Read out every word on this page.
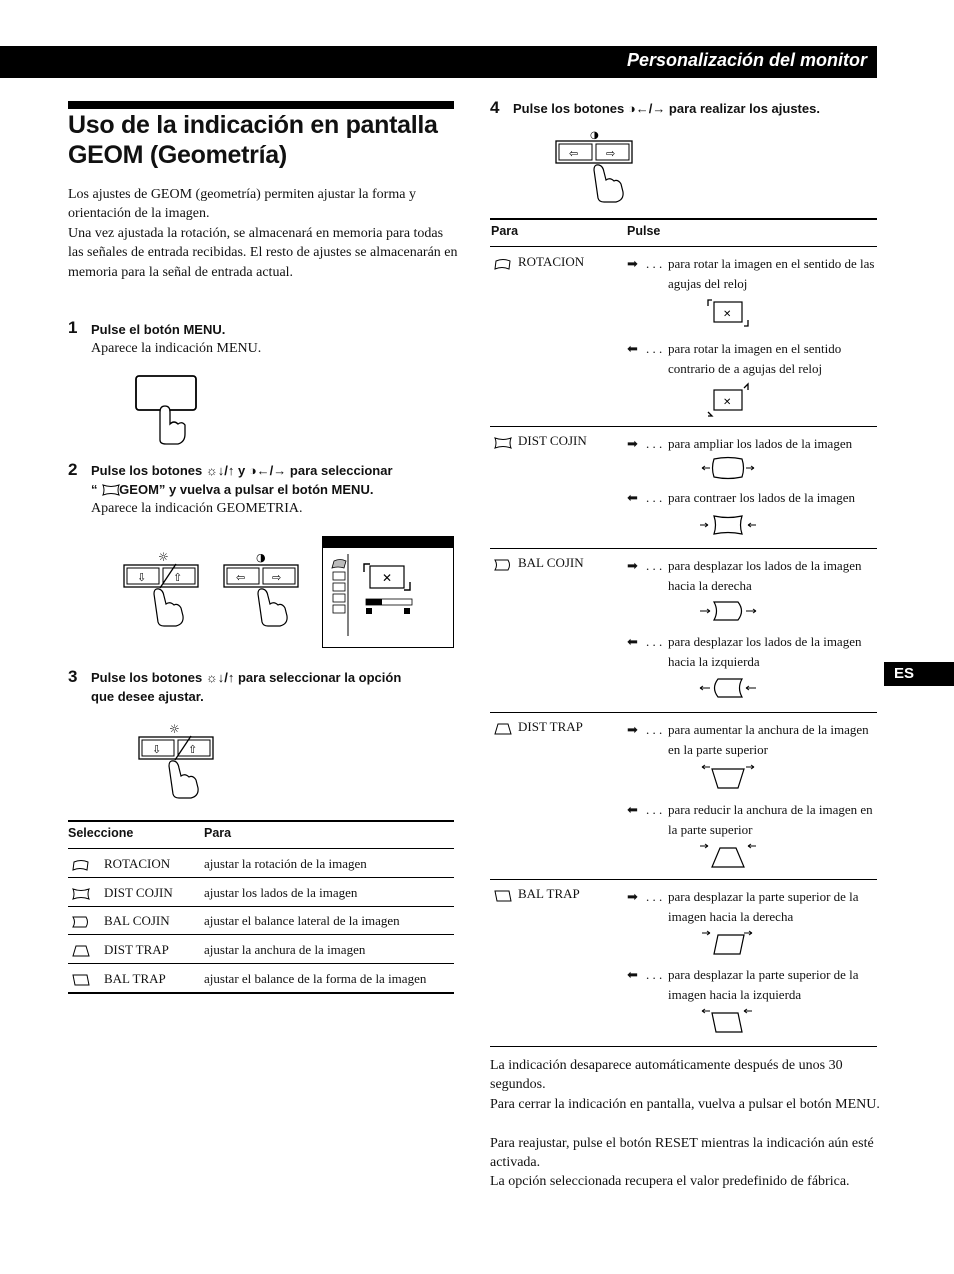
Personalización del monitor
ES
Uso de la indicación en pantalla GEOM (Geometría)
Los ajustes de GEOM (geometría) permiten ajustar la forma y orientación de la imagen.
Una vez ajustada la rotación, se almacenará en memoria para todas las señales de entrada recibidas. El resto de ajustes se almacenarán en memoria para la señal de entrada actual.
1 Pulse el botón MENU.
Aparece la indicación MENU.
2 Pulse los botones ☼↓/↑ y ◑←/→ para seleccionar
“      GEOM” y vuelva a pulsar el botón MENU.
Aparece la indicación GEOMETRIA.
☼
⇩ ⇧
◑
⇦ ⇨	✕
3 Pulse los botones ☼↓/↑ para seleccionar la opción
que desee ajustar.
☼
⇩ ⇧
Seleccione	Para
ROTACION	ajustar la rotación de la imagen
DIST COJIN ajustar los lados de la imagen
BAL COJIN	ajustar el balance lateral de la imagen
DIST TRAP	ajustar la anchura de la imagen
BAL TRAP	ajustar el balance de la forma de la imagen
4 Pulse los botones ◑←/→ para realizar los ajustes.
◑
⇦	⇨
Para	Pulse
ROTACION	➡ . . . para rotar la imagen en el sentido de las agujas del reloj
✕
⬅ . . . para rotar la imagen en el sentido contrario de a agujas del reloj
✕
DIST COJIN	➡ . . . para ampliar los lados de la imagen
⬅ . . . para contraer los lados de la imagen
BAL COJIN	➡ . . . para desplazar los lados de la imagen hacia la derecha
⬅ . . . para desplazar los lados de la imagen hacia la izquierda
DIST TRAP	➡ . . . para aumentar la anchura de la imagen en la parte superior
⬅ . . . para reducir la anchura de la imagen en la parte superior
BAL TRAP	➡ . . . para desplazar la parte superior de la imagen hacia la derecha
⬅ . . . para desplazar la parte superior de la imagen hacia la izquierda
La indicación desaparece automáticamente después de unos 30 segundos.
Para cerrar la indicación en pantalla, vuelva a pulsar el botón MENU.
Para reajustar, pulse el botón RESET mientras la indicación aún esté activada.
La opción seleccionada recupera el valor predefinido de fábrica.
